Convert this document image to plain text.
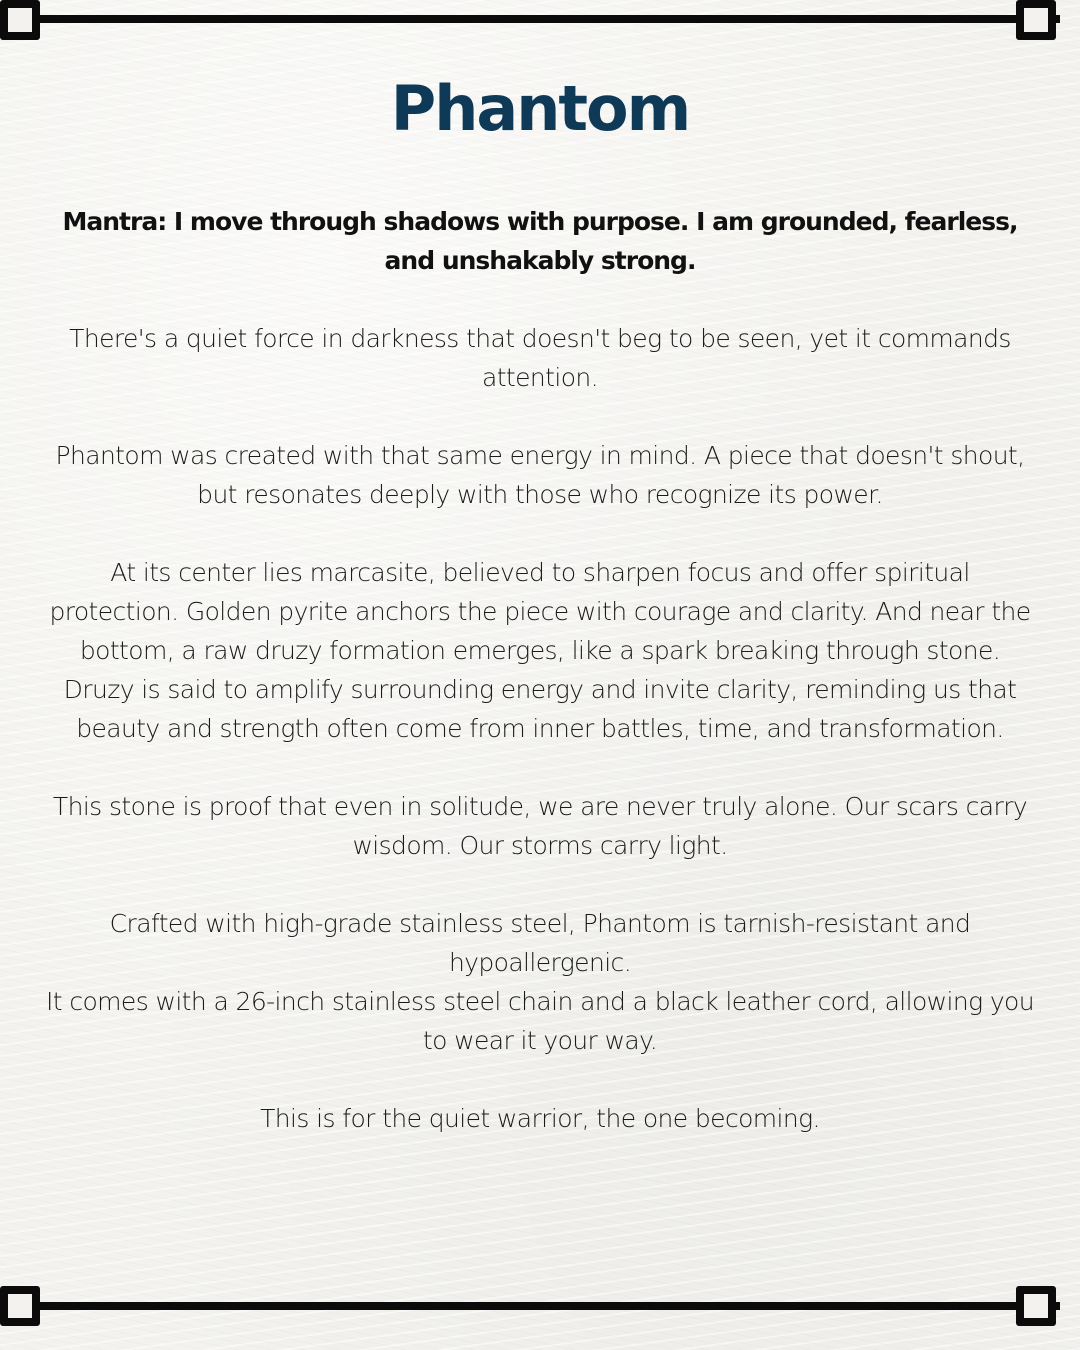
Phantom

Mantra: I move through shadows with purpose. I am grounded, fearless, and unshakably strong.

There's a quiet force in darkness that doesn't beg to be seen, yet it commands attention.

Phantom was created with that same energy in mind. A piece that doesn't shout, but resonates deeply with those who recognize its power.

At its center lies marcasite, believed to sharpen focus and offer spiritual protection. Golden pyrite anchors the piece with courage and clarity. And near the bottom, a raw druzy formation emerges, like a spark breaking through stone. Druzy is said to amplify surrounding energy and invite clarity, reminding us that beauty and strength often come from inner battles, time, and transformation.

This stone is proof that even in solitude, we are never truly alone. Our scars carry wisdom. Our storms carry light.

Crafted with high-grade stainless steel, Phantom is tarnish-resistant and hypoallergenic.

It comes with a 26-inch stainless steel chain and a black leather cord, allowing you to wear it your way.

This is for the quiet warrior, the one becoming.
